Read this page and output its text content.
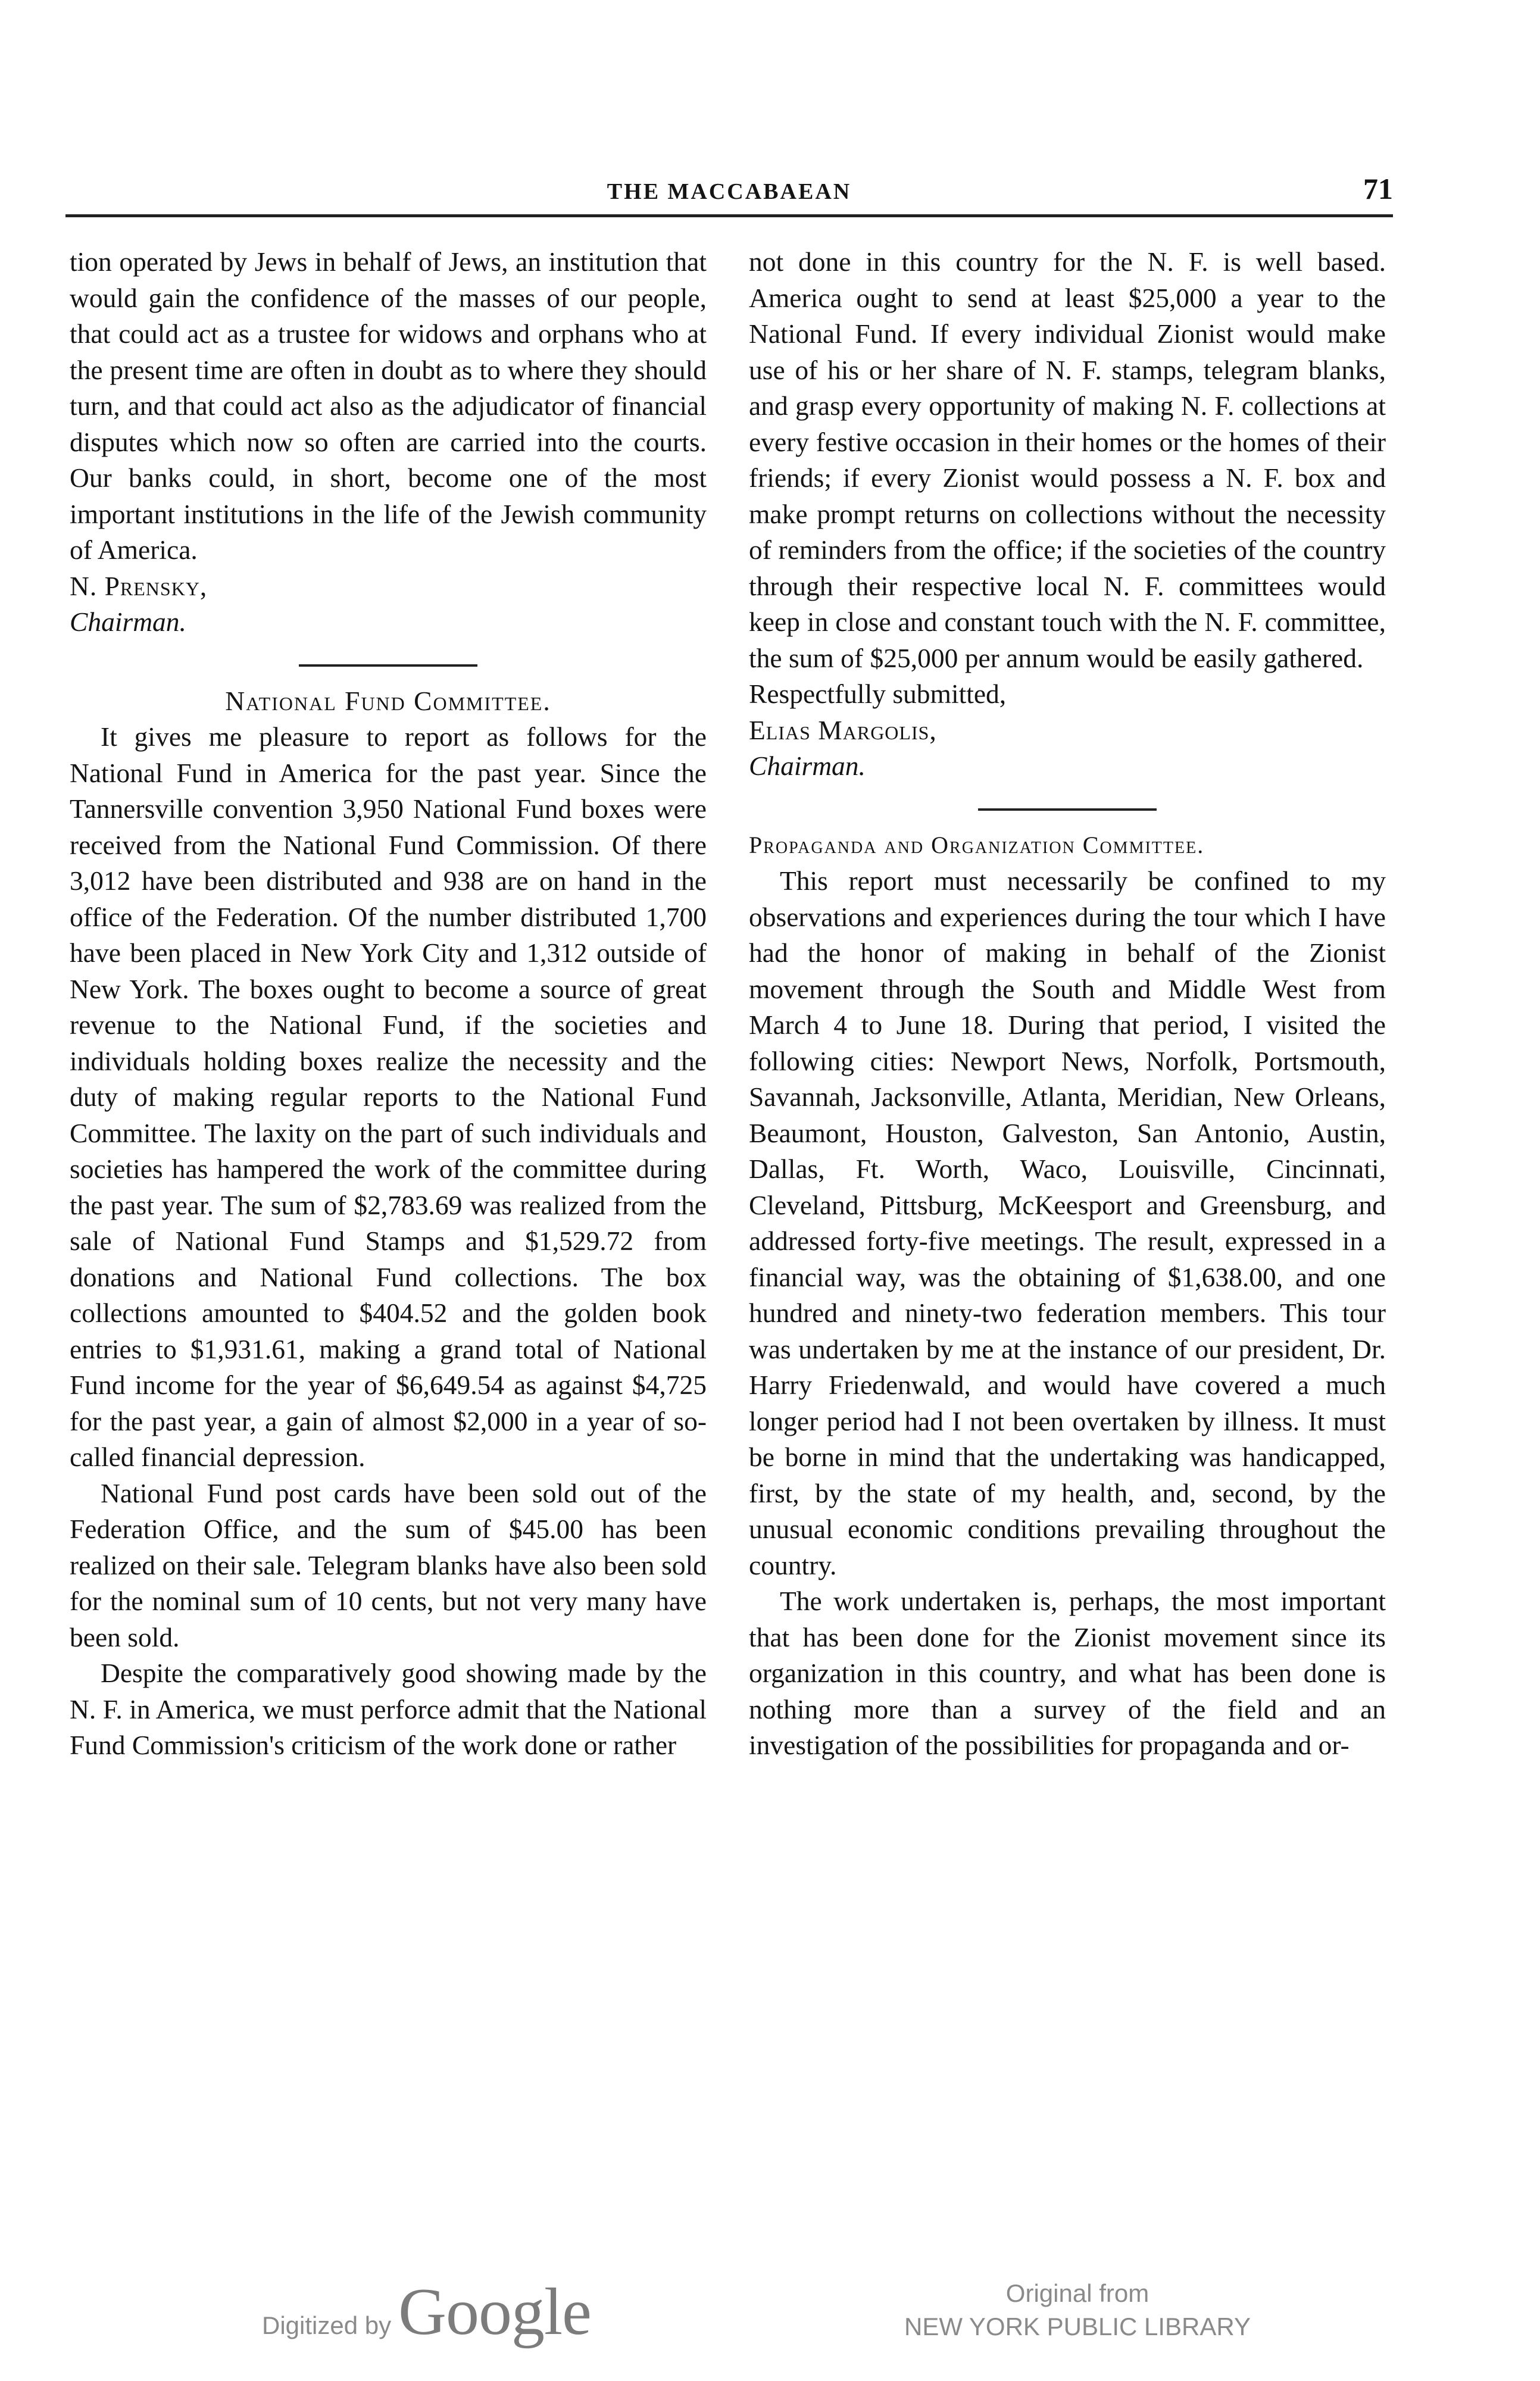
THE MACCABAEAN	71

tion operated by Jews in behalf of Jews, an institution that would gain the confidence of the masses of our people, that could act as a trustee for widows and orphans who at the present time are often in doubt as to where they should turn, and that could act also as the adjudicator of financial disputes which now so often are carried into the courts. Our banks could, in short, become one of the most important institutions in the life of the Jewish community of America.

N. Prensky,

Chairman.

National Fund Committee.

It gives me pleasure to report as follows for the National Fund in America for the past year. Since the Tannersville convention 3,950 National Fund boxes were received from the National Fund Commission. Of there 3,012 have been distributed and 938 are on hand in the office of the Federation. Of the number distributed 1,700 have been placed in New York City and 1,312 outside of New York. The boxes ought to become a source of great revenue to the National Fund, if the societies and individuals holding boxes realize the necessity and the duty of making regular reports to the National Fund Committee. The laxity on the part of such individuals and societies has hampered the work of the committee during the past year. The sum of $2,783.69 was realized from the sale of National Fund Stamps and $1,529.72 from donations and National Fund collections. The box collections amounted to $404.52 and the golden book entries to $1,931.61, making a grand total of National Fund income for the year of $6,649.54 as against $4,725 for the past year, a gain of almost $2,000 in a year of so-called financial depression.

National Fund post cards have been sold out of the Federation Office, and the sum of $45.00 has been realized on their sale. Telegram blanks have also been sold for the nominal sum of 10 cents, but not very many have been sold.

Despite the comparatively good showing made by the N. F. in America, we must perforce admit that the National Fund Commission's criticism of the work done or rather

not done in this country for the N. F. is well based. America ought to send at least $25,000 a year to the National Fund. If every individual Zionist would make use of his or her share of N. F. stamps, telegram blanks, and grasp every opportunity of making N. F. collections at every festive occasion in their homes or the homes of their friends; if every Zionist would possess a N. F. box and make prompt returns on collections without the necessity of reminders from the office; if the societies of the country through their respective local N. F. committees would keep in close and constant touch with the N. F. committee, the sum of $25,000 per annum would be easily gathered.

Respectfully submitted,

Elias Margolis,

Chairman.

Propaganda and Organization Committee.

This report must necessarily be confined to my observations and experiences during the tour which I have had the honor of making in behalf of the Zionist movement through the South and Middle West from March 4 to June 18. During that period, I visited the following cities: Newport News, Norfolk, Portsmouth, Savannah, Jacksonville, Atlanta, Meridian, New Orleans, Beaumont, Houston, Galveston, San Antonio, Austin, Dallas, Ft. Worth, Waco, Louisville, Cincinnati, Cleveland, Pittsburg, McKeesport and Greensburg, and addressed forty-five meetings. The result, expressed in a financial way, was the obtaining of $1,638.00, and one hundred and ninety-two federation members. This tour was undertaken by me at the instance of our president, Dr. Harry Friedenwald, and would have covered a much longer period had I not been overtaken by illness. It must be borne in mind that the undertaking was handicapped, first, by the state of my health, and, second, by the unusual economic conditions prevailing throughout the country.

The work undertaken is, perhaps, the most important that has been done for the Zionist movement since its organization in this country, and what has been done is nothing more than a survey of the field and an investigation of the possibilities for propaganda and or-

Digitized by Google	Original from
NEW YORK PUBLIC LIBRARY
